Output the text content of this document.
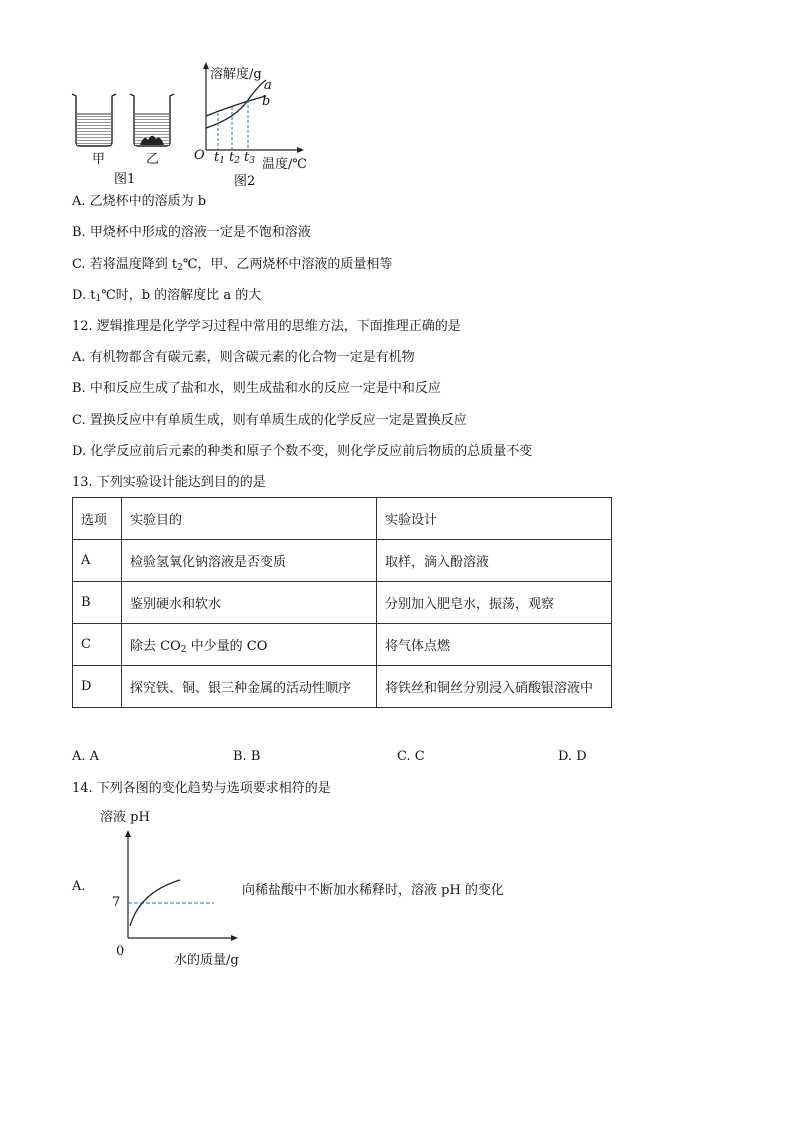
甲	乙
图1
溶解度/g
a
b
O $t_1$ $t_2$ $t_3$ 温度/℃
图2
A. 乙烧杯中的溶质为 b
B. 甲烧杯中形成的溶液一定是不饱和溶液
C. 若将温度降到 $t_2℃$，甲、乙两烧杯中溶液的质量相等
D. $t_1℃$时，b 的溶解度比 a 的大
12. 逻辑推理是化学学习过程中常用的思维方法，下面推理正确的是
A. 有机物都含有碳元素，则含碳元素的化合物一定是有机物
B. 中和反应生成了盐和水，则生成盐和水的反应一定是中和反应
C. 置换反应中有单质生成，则有单质生成的化学反应一定是置换反应
D. 化学反应前后元素的种类和原子个数不变，则化学反应前后物质的总质量不变
13. 下列实验设计能达到目的的是
选项	实验目的	实验设计
A	检验氢氧化钠溶液是否变质	取样，滴入酚溶液
B	鉴别硬水和软水	分别加入肥皂水，振荡，观察
C	除去 $CO_2$ 中少量的 CO	将气体点燃
D	探究铁、铜、银三种金属的活动性顺序	将铁丝和铜丝分别浸入硝酸银溶液中
A. A	B. B	C. C	D. D
14. 下列各图的变化趋势与选项要求相符的是
溶液 pH
A.
7
0
水的质量/g
向稀盐酸中不断加水稀释时，溶液 pH 的变化
